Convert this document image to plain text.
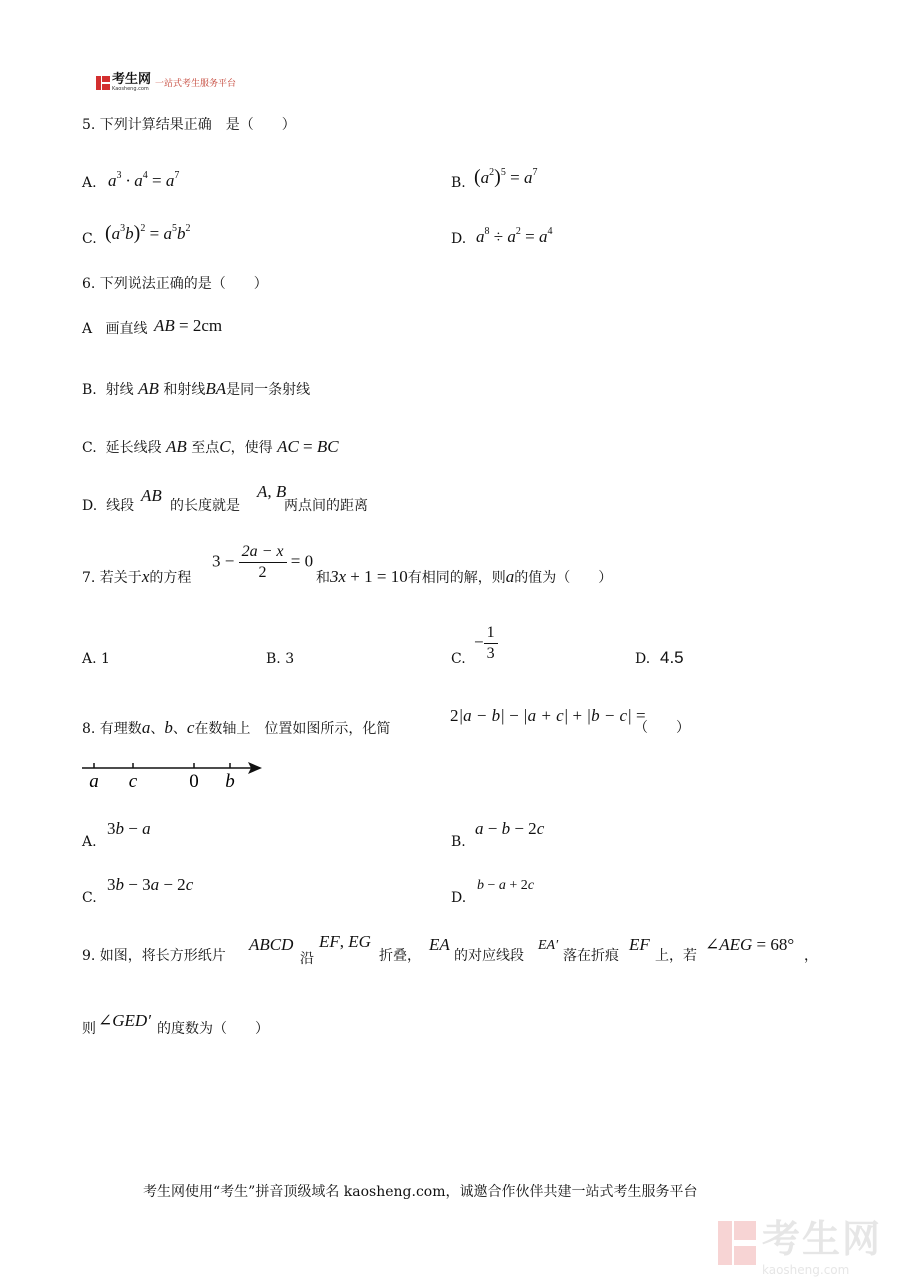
考生网
Kaosheng.com 一站式考生服务平台
5. 下列计算结果正确　是（　　）
A. $a^3 \cdot a^4 = a^7$	B. $(a^2)^5 = a^7$
C. $(a^3b)^2 = a^5b^2$
D. $a^8 \div a^2 = a^4$
6. 下列说法正确的是（　　）
A 画直线 AB = 2cm
B. 射线 AB 和射线BA是同一条射线
C. 延长线段 AB 至点C，使得 AC = BC
D. 线段
AB
的长度就是
A, B
两点间的距离
7. 若关于x的方程
$3 - \frac{2a - x}{2} = 0$
和3x + 1 = 10有相同的解，则a的值为（　　）
A. 1	B. 3	C.
− $\frac{1}{3}$	D. 4.5
8. 有理数a、b、c在数轴上　位置如图所示，化简
2|a − b| − |a + c| + |b − c| =
（　　）
a c	0 b
A.
3b − a
B.
a − b − 2c
C.
3b − 3a − 2c
D.
b − a + 2c
9. 如图，将长方形纸片
ABCD
沿
EF, EG
折叠，
EA
的对应线段
EA′
落在折痕
EF
上，若
∠AEG = 68°
，
则 ∠GED′ 的度数为（　　）
考生网使用“考生”拼音顶级域名 kaosheng.com，诚邀合作伙伴共建一站式考生服务平台
考生网
kaosheng.com
